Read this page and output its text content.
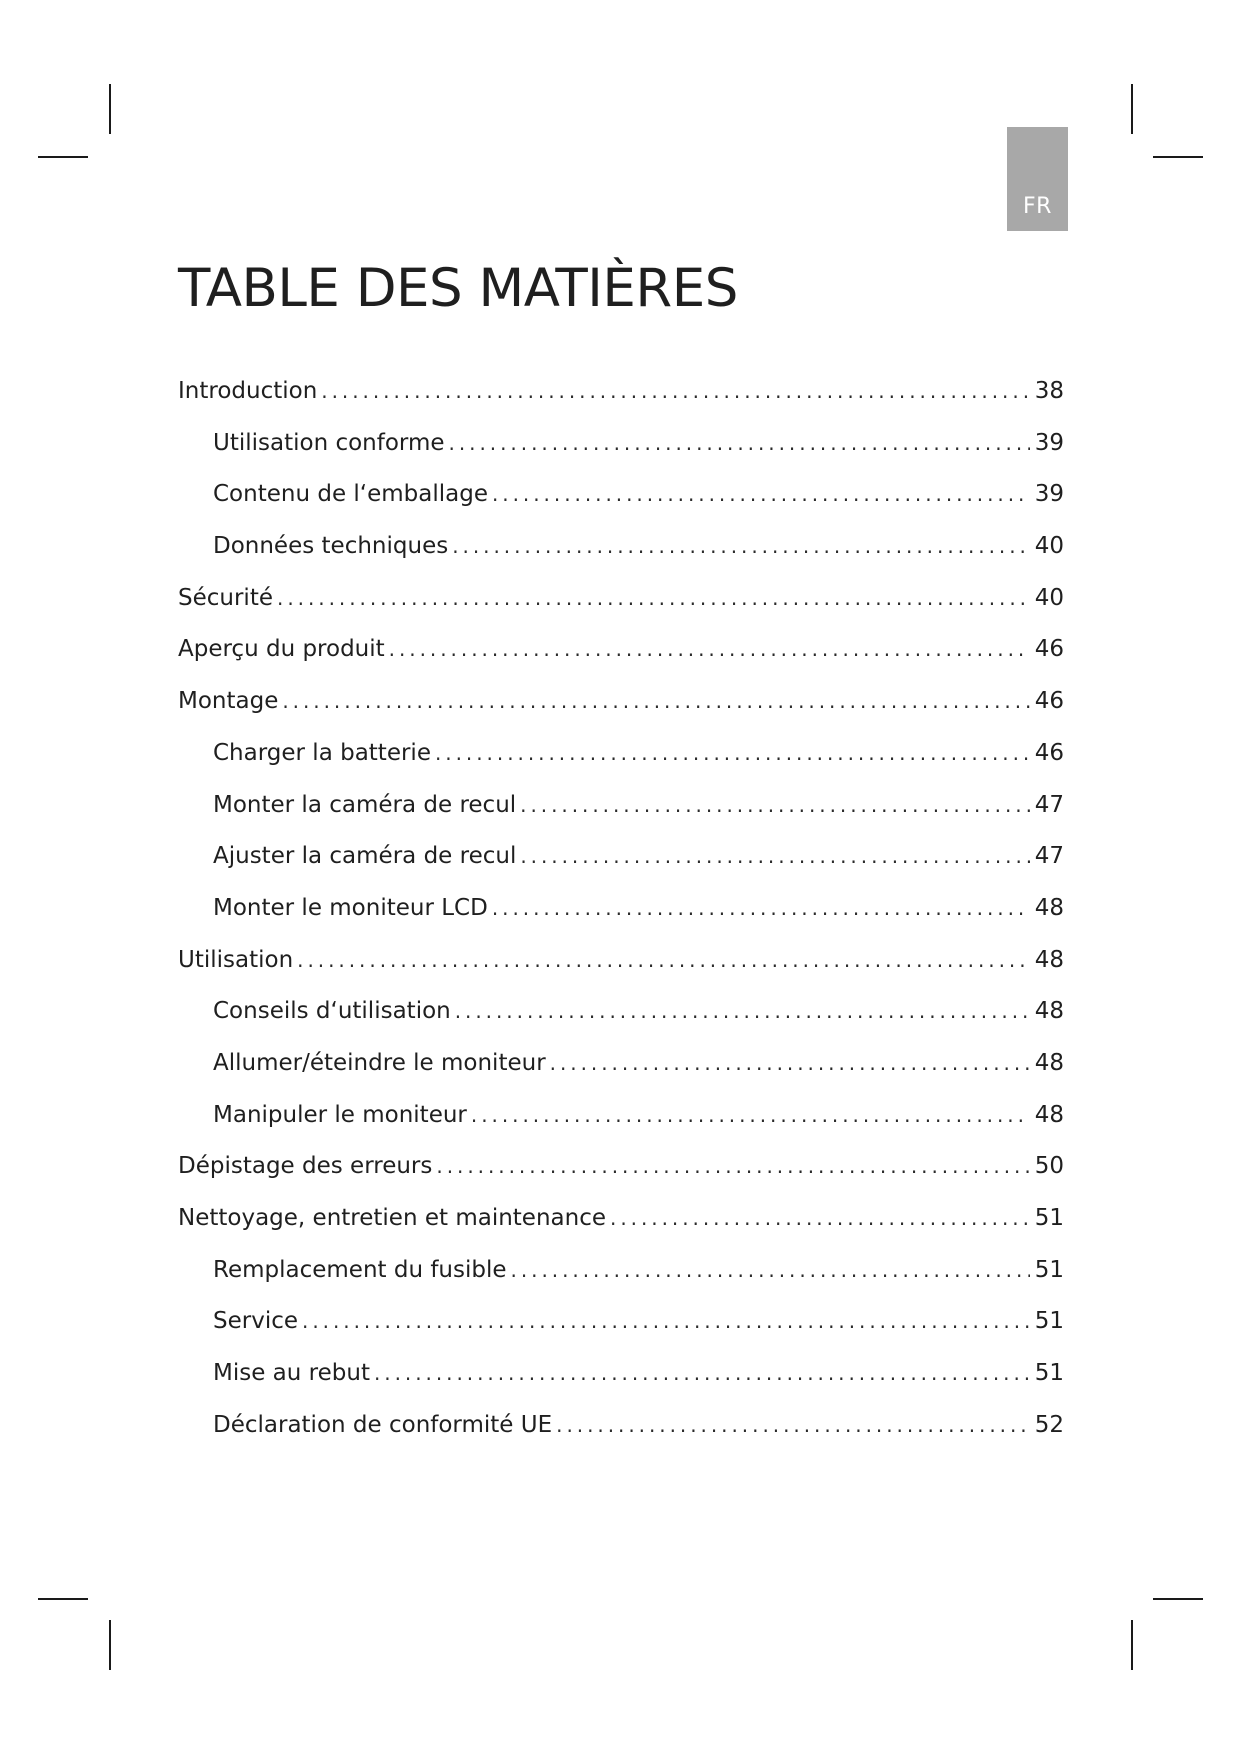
FR
TABLE DES MATIÈRES
Introduction . . .	38
Utilisation conforme . . .	39
Contenu de l‘emballage . . .	39
Données techniques . . .	40
Sécurité . . .	40
Aperçu du produit . . .	46
Montage . . .	46
Charger la batterie . . .	46
Monter la caméra de recul . . .	47
Ajuster la caméra de recul . . .	47
Monter le moniteur LCD . . .	48
Utilisation . . .	48
Conseils d‘utilisation . . .	48
Allumer/éteindre le moniteur . . .	48
Manipuler le moniteur . . .	48
Dépistage des erreurs . . .	50
Nettoyage, entretien et maintenance . . .	51
Remplacement du fusible . . .	51
Service . . .	51
Mise au rebut . . .	51
Déclaration de conformité UE . . .	52
